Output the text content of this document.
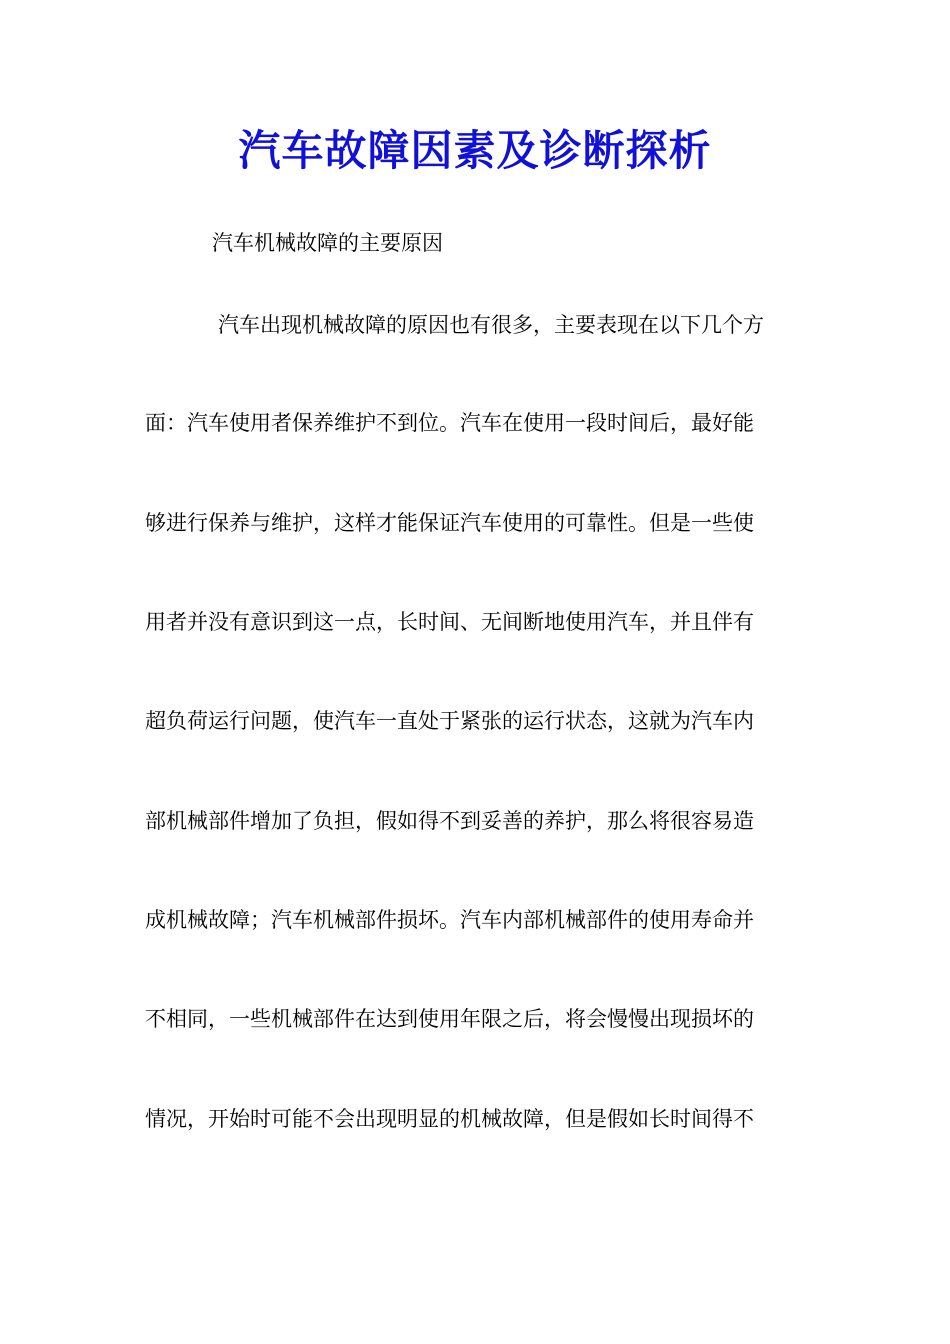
汽车故障因素及诊断探析

汽车机械故障的主要原因

汽车出现机械故障的原因也有很多，主要表现在以下几个方

面：汽车使用者保养维护不到位。汽车在使用一段时间后，最好能

够进行保养与维护，这样才能保证汽车使用的可靠性。但是一些使

用者并没有意识到这一点，长时间、无间断地使用汽车，并且伴有

超负荷运行问题，使汽车一直处于紧张的运行状态，这就为汽车内

部机械部件增加了负担，假如得不到妥善的养护，那么将很容易造

成机械故障；汽车机械部件损坏。汽车内部机械部件的使用寿命并

不相同，一些机械部件在达到使用年限之后，将会慢慢出现损坏的

情况，开始时可能不会出现明显的机械故障，但是假如长时间得不
